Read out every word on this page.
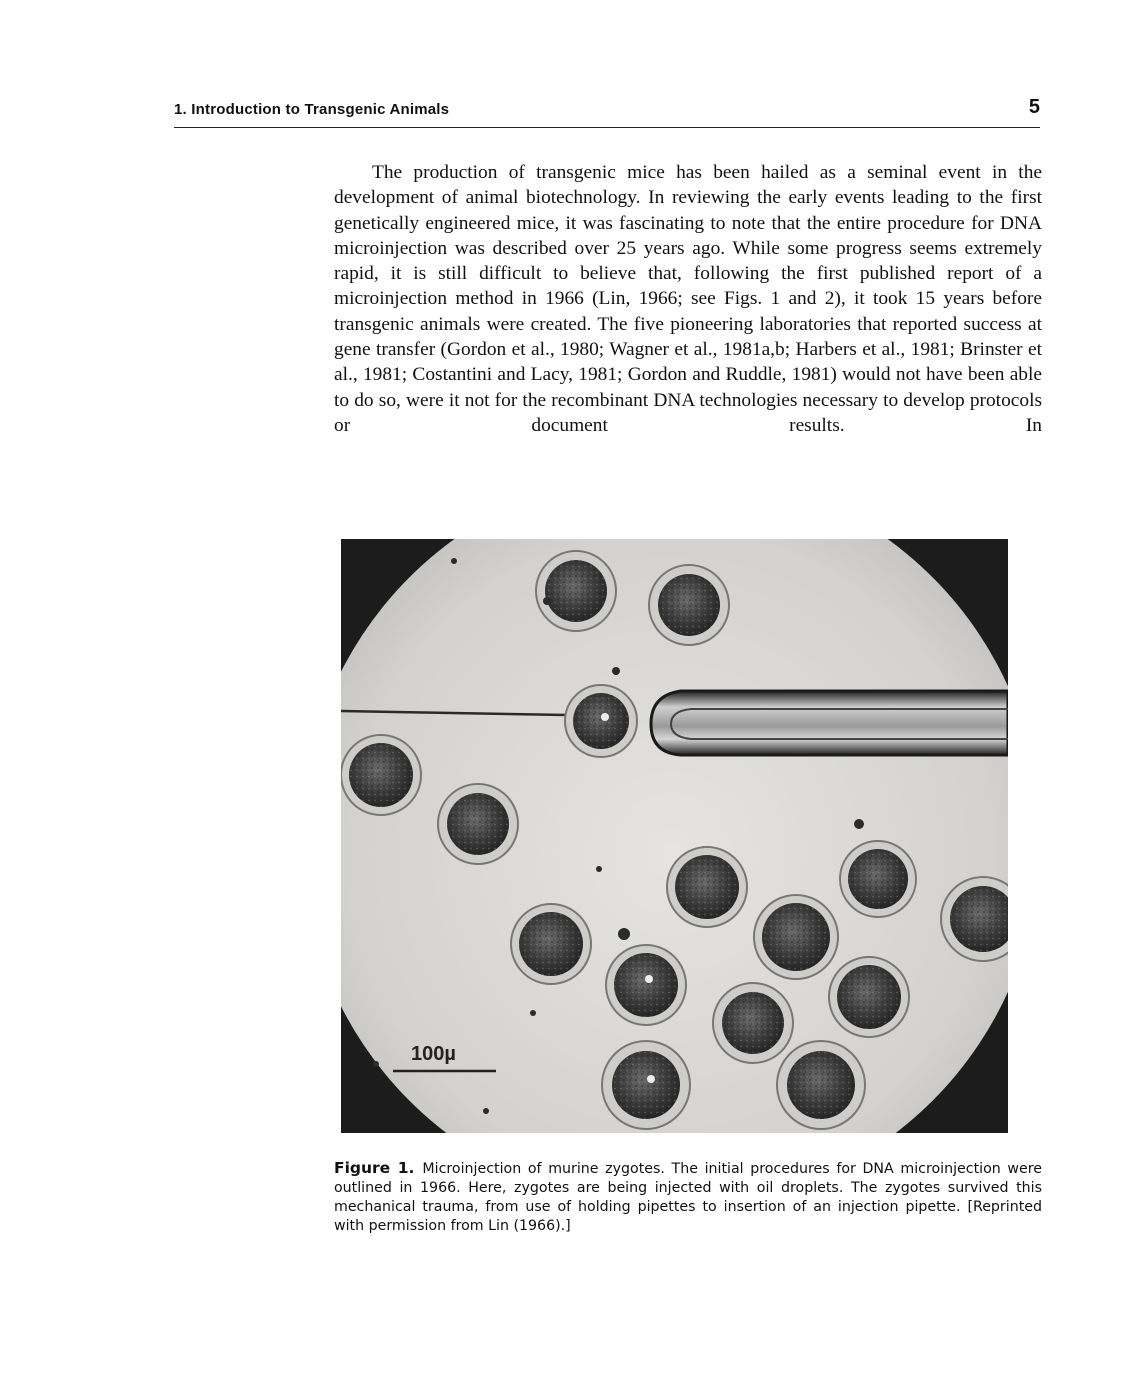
1. Introduction to Transgenic Animals	5

The production of transgenic mice has been hailed as a seminal event in the development of animal biotechnology. In reviewing the early events leading to the first genetically engineered mice, it was fascinating to note that the entire procedure for DNA microinjection was described over 25 years ago. While some progress seems extremely rapid, it is still difficult to believe that, following the first published report of a microinjection method in 1966 (Lin, 1966; see Figs. 1 and 2), it took 15 years before transgenic animals were created. The five pioneering laboratories that reported success at gene transfer (Gordon et al., 1980; Wagner et al., 1981a,b; Harbers et al., 1981; Brinster et al., 1981; Costantini and Lacy, 1981; Gordon and Ruddle, 1981) would not have been able to do so, were it not for the recombinant DNA technologies necessary to develop protocols or document results. In

100µ
Figure 1. Microinjection of murine zygotes. The initial procedures for DNA microinjection were outlined in 1966. Here, zygotes are being injected with oil droplets. The zygotes survived this mechanical trauma, from use of holding pipettes to insertion of an injection pipette. [Reprinted with permission from Lin (1966).]
